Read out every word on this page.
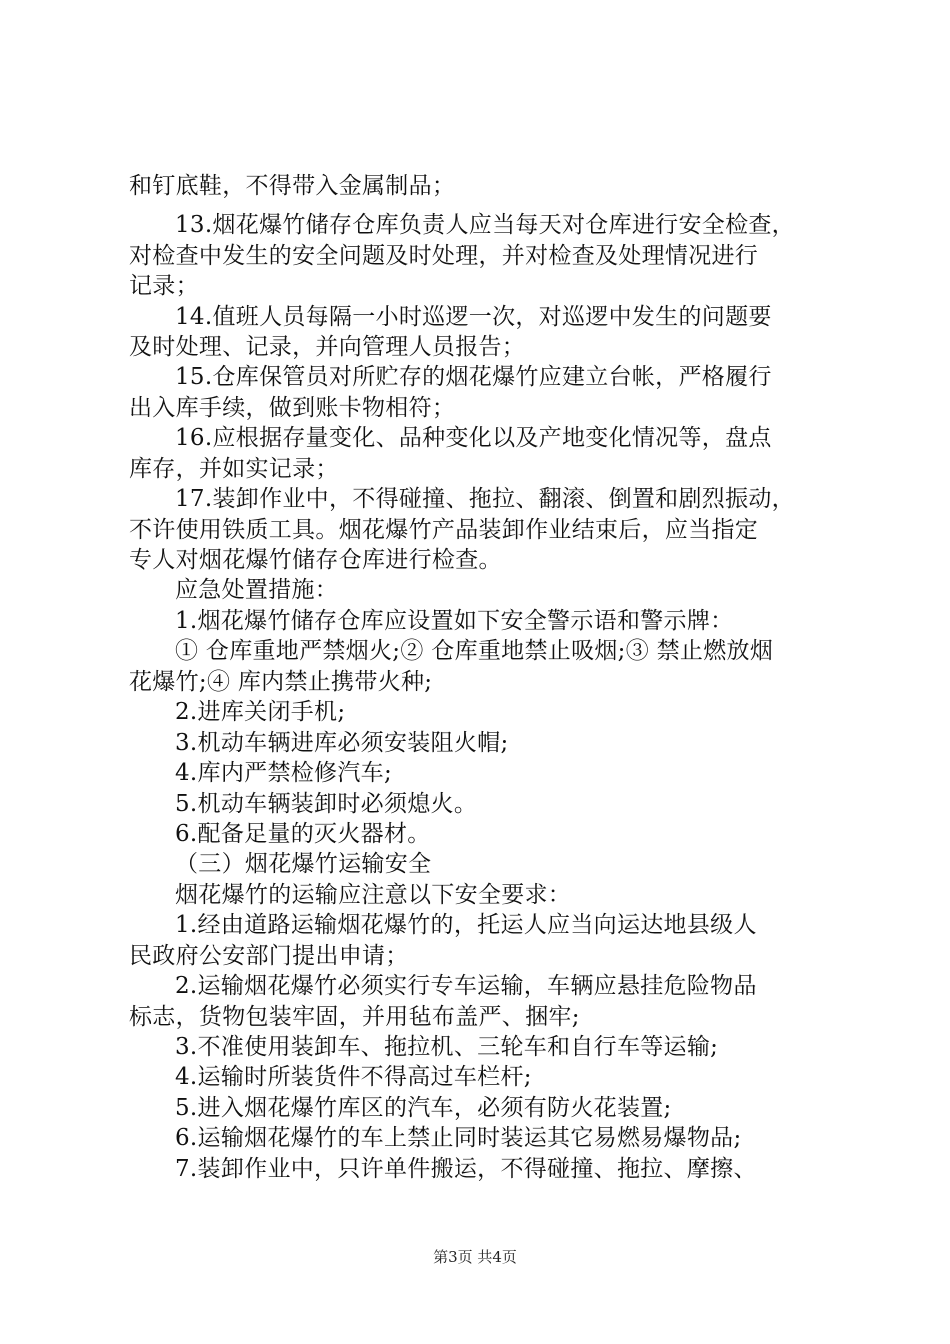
和钉底鞋，不得带入金属制品；
13.烟花爆竹储存仓库负责人应当每天对仓库进行安全检查，
对检查中发生的安全问题及时处理，并对检查及处理情况进行
记录；
14.值班人员每隔一小时巡逻一次，对巡逻中发生的问题要
及时处理、记录，并向管理人员报告；
15.仓库保管员对所贮存的烟花爆竹应建立台帐，严格履行
出入库手续，做到账卡物相符；
16.应根据存量变化、品种变化以及产地变化情况等，盘点
库存，并如实记录；
17.装卸作业中，不得碰撞、拖拉、翻滚、倒置和剧烈振动，
不许使用铁质工具。烟花爆竹产品装卸作业结束后，应当指定
专人对烟花爆竹储存仓库进行检查。
应急处置措施：
1.烟花爆竹储存仓库应设置如下安全警示语和警示牌：
① 仓库重地严禁烟火;② 仓库重地禁止吸烟;③ 禁止燃放烟
花爆竹;④ 库内禁止携带火种;
2.进库关闭手机;
3.机动车辆进库必须安装阻火帽;
4.库内严禁检修汽车;
5.机动车辆装卸时必须熄火。
6.配备足量的灭火器材。
（三）烟花爆竹运输安全
烟花爆竹的运输应注意以下安全要求：
1.经由道路运输烟花爆竹的，托运人应当向运达地县级人
民政府公安部门提出申请；
2.运输烟花爆竹必须实行专车运输，车辆应悬挂危险物品
标志，货物包装牢固，并用毡布盖严、捆牢;
3.不准使用装卸车、拖拉机、三轮车和自行车等运输;
4.运输时所装货件不得高过车栏杆;
5.进入烟花爆竹库区的汽车，必须有防火花装置;
6.运输烟花爆竹的车上禁止同时装运其它易燃易爆物品;
7.装卸作业中，只许单件搬运，不得碰撞、拖拉、摩擦、
第3页 共4页
